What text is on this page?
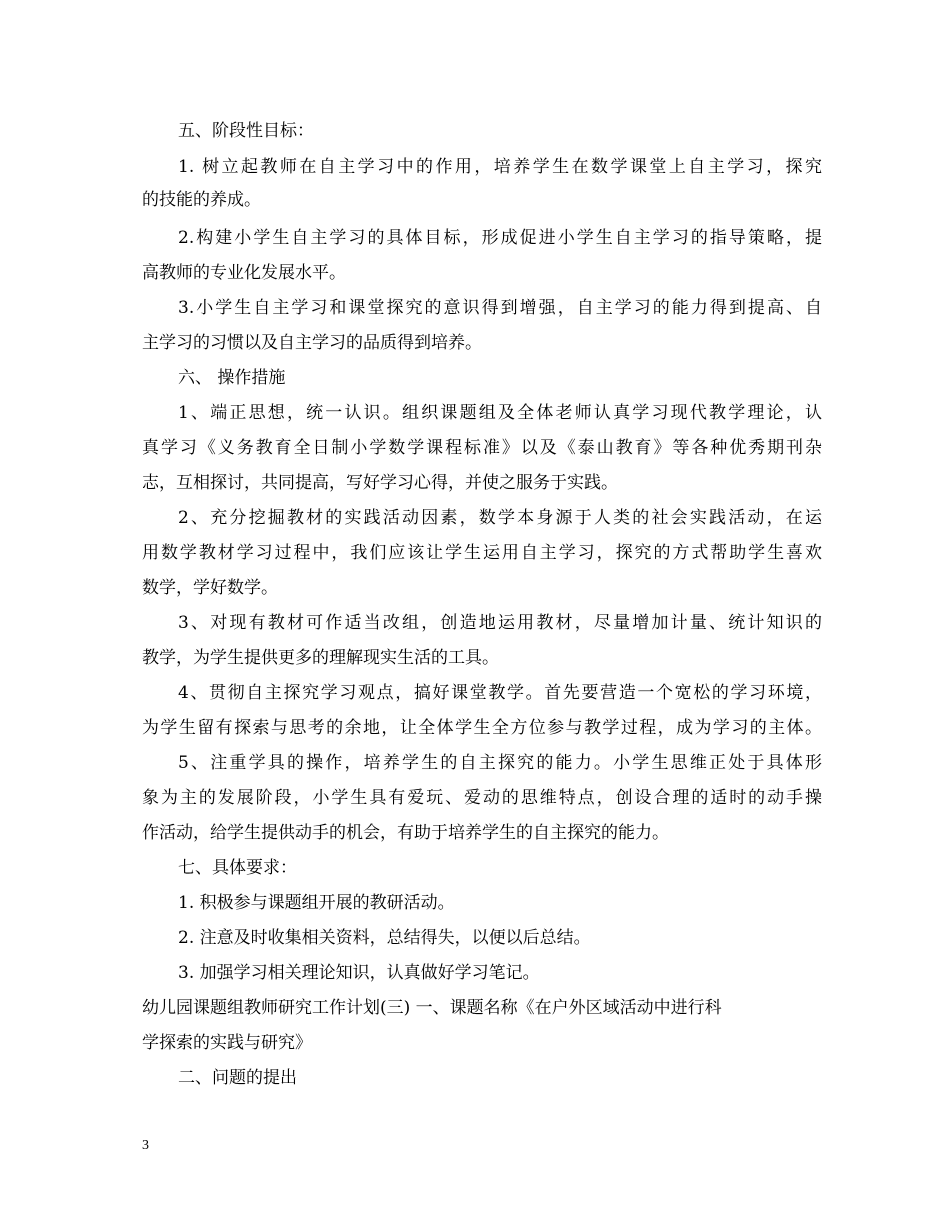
五、阶段性目标：
1. 树立起教师在自主学习中的作用，培养学生在数学课堂上自主学习，探究
的技能的养成。
2.构建小学生自主学习的具体目标，形成促进小学生自主学习的指导策略，提
高教师的专业化发展水平。
3.小学生自主学习和课堂探究的意识得到增强，自主学习的能力得到提高、自
主学习的习惯以及自主学习的品质得到培养。
六、 操作措施
1、端正思想，统一认识。组织课题组及全体老师认真学习现代教学理论，认
真学习《义务教育全日制小学数学课程标准》以及《泰山教育》等各种优秀期刊杂
志，互相探讨，共同提高，写好学习心得，并使之服务于实践。
2、充分挖掘教材的实践活动因素，数学本身源于人类的社会实践活动，在运
用数学教材学习过程中，我们应该让学生运用自主学习，探究的方式帮助学生喜欢
数学，学好数学。
3、对现有教材可作适当改组，创造地运用教材，尽量增加计量、统计知识的
教学，为学生提供更多的理解现实生活的工具。
4、贯彻自主探究学习观点，搞好课堂教学。首先要营造一个宽松的学习环境，
为学生留有探索与思考的余地，让全体学生全方位参与教学过程，成为学习的主体。
5、注重学具的操作，培养学生的自主探究的能力。小学生思维正处于具体形
象为主的发展阶段，小学生具有爱玩、爱动的思维特点，创设合理的适时的动手操
作活动，给学生提供动手的机会，有助于培养学生的自主探究的能力。
七、具体要求：
1. 积极参与课题组开展的教研活动。
2. 注意及时收集相关资料，总结得失，以便以后总结。
3. 加强学习相关理论知识，认真做好学习笔记。
幼儿园课题组教师研究工作计划(三) 一、课题名称《在户外区域活动中进行科
学探索的实践与研究》
二、问题的提出
3
